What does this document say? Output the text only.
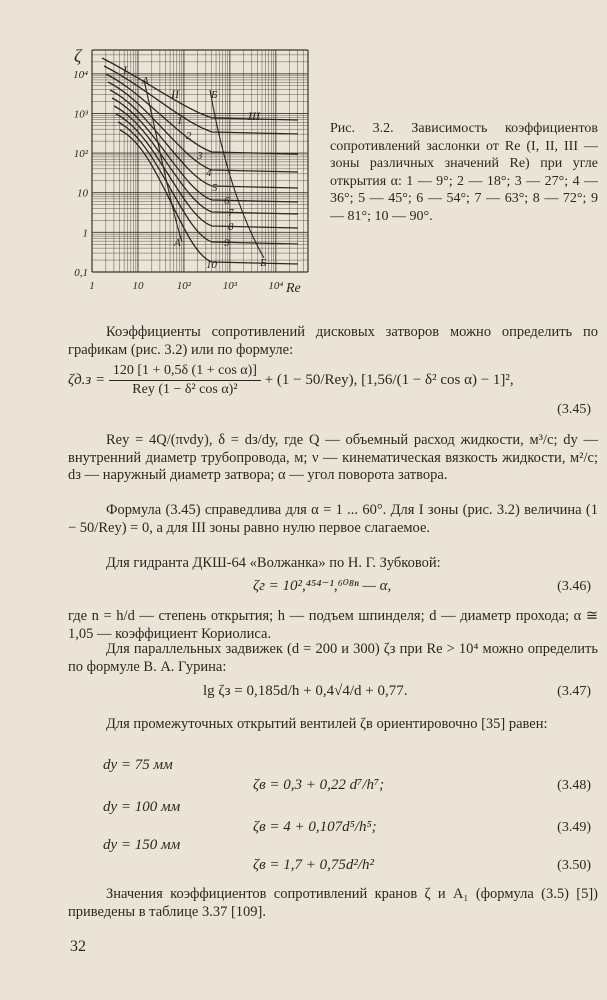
ζ
Re
10⁴
10³
10²
10
1
0,1
1	10	10²	10³	10⁴
I
II
III
А
Б
А
Б
1
2
3
4
5
6
7
8
9
10
Рис. 3.2. Зависимость коэффициентов сопротивлений заслонки от Re (I, II, III — зоны различных значений Re) при угле открытия α: 1 — 9°; 2 — 18°; 3 — 27°; 4 — 36°; 5 — 45°; 6 — 54°; 7 — 63°; 8 — 72°; 9 — 81°; 10 — 90°.
Коэффициенты сопротивлений дисковых затворов можно определить по графикам (рис. 3.2) или по формуле:
$\zeta д.з = \frac{\text{120 [1 + 0,5δ (1 + cos α)]}}{\text{Reу (1 − δ² cos α)²}} + (1 - 50/Reу)$, [1,56/(1 − δ² cos α) − 1]²,
(3.45)
Reу = 4Q/(πνdу), δ = dз/dу, где Q — объемный расход жидкости, м³/с; dу — внутренний диаметр трубопровода, м; ν — кинематическая вязкость жидкости, м²/с; dз — наружный диаметр затвора; α — угол поворота затвора.
Формула (3.45) справедлива для α = 1 ... 60°. Для I зоны (рис. 3.2) величина (1 − 50/Reу) = 0, а для III зоны равно нулю первое слагаемое.
Для гидранта ДКШ-64 «Волжанка» по Н. Г. Зубковой:
ζг = 10²,⁴⁵⁴⁻¹,⁶⁰⁸ⁿ — α,	(3.46)
где n = h/d — степень открытия; h — подъем шпинделя; d — диаметр прохода; α ≅ 1,05 — коэффициент Кориолиса.
Для параллельных задвижек (d = 200 и 300) ζз при Re > 10⁴ можно определить по формуле В. А. Гурина:
lg ζз = 0,185d/h + 0,4√4/d + 0,77.	(3.47)
Для промежуточных открытий вентилей ζв ориентировочно [35] равен:
dу = 75 мм
ζв = 0,3 + 0,22 d⁷/h⁷;	(3.48)
dу = 100 мм
ζв = 4 + 0,107d⁵/h⁵;	(3.49)
dу = 150 мм
ζв = 1,7 + 0,75d²/h²	(3.50)
Значения коэффициентов сопротивлений кранов ζ и A₁ (формула (3.5) [5]) приведены в таблице 3.37 [109].
32
